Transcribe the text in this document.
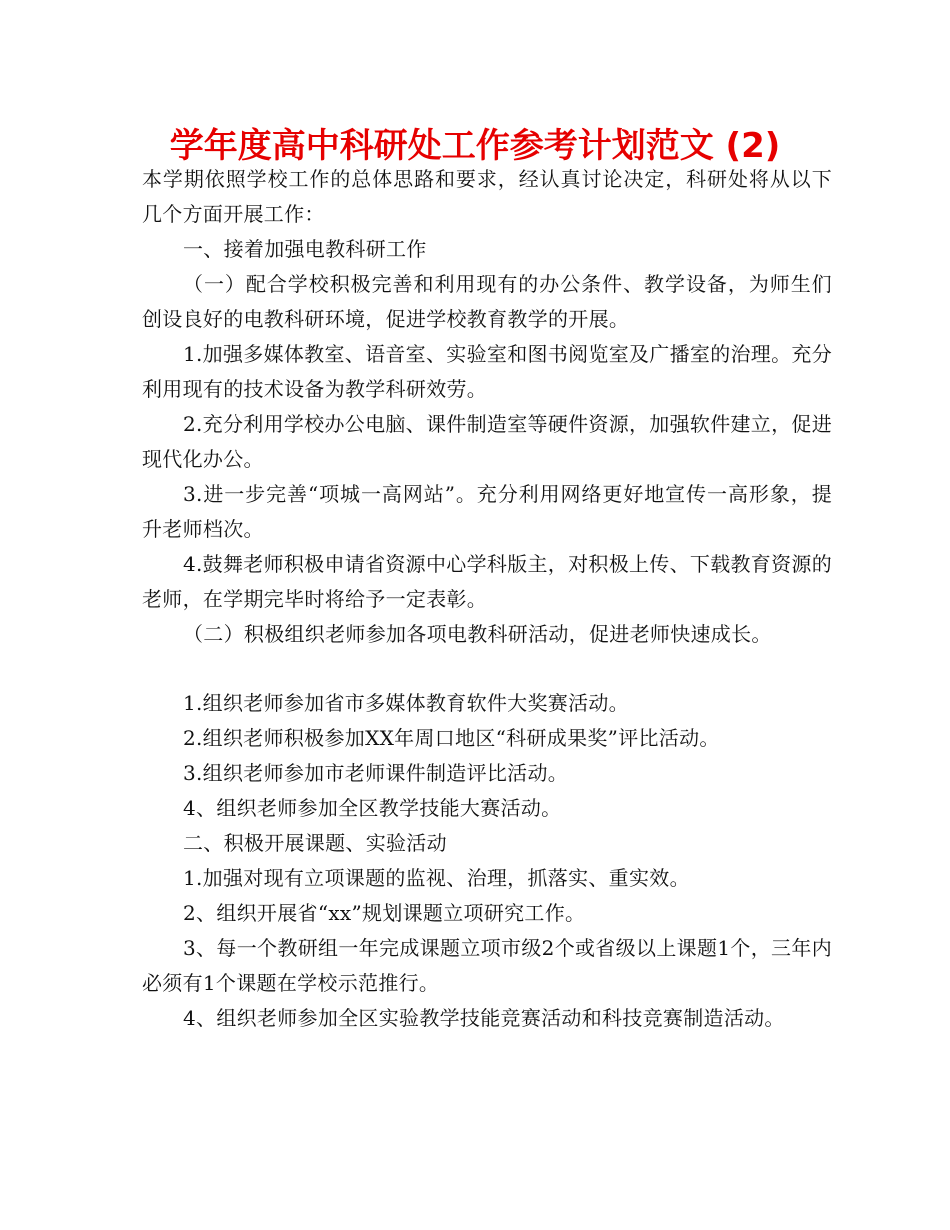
学年度高中科研处工作参考计划范文 (2)

本学期依照学校工作的总体思路和要求，经认真讨论决定，科研处将从以下几个方面开展工作：

一、接着加强电教科研工作

（一）配合学校积极完善和利用现有的办公条件、教学设备，为师生们创设良好的电教科研环境，促进学校教育教学的开展。

1.加强多媒体教室、语音室、实验室和图书阅览室及广播室的治理。充分利用现有的技术设备为教学科研效劳。

2.充分利用学校办公电脑、课件制造室等硬件资源，加强软件建立，促进现代化办公。

3.进一步完善“项城一高网站”。充分利用网络更好地宣传一高形象，提升老师档次。

4.鼓舞老师积极申请省资源中心学科版主，对积极上传、下载教育资源的老师，在学期完毕时将给予一定表彰。

（二）积极组织老师参加各项电教科研活动，促进老师快速成长。

1.组织老师参加省市多媒体教育软件大奖赛活动。

2.组织老师积极参加XX年周口地区“科研成果奖”评比活动。

3.组织老师参加市老师课件制造评比活动。

4、组织老师参加全区教学技能大赛活动。

二、积极开展课题、实验活动

1.加强对现有立项课题的监视、治理，抓落实、重实效。

2、组织开展省“xx”规划课题立项研究工作。

3、每一个教研组一年完成课题立项市级2个或省级以上课题1个，三年内必须有1个课题在学校示范推行。

4、组织老师参加全区实验教学技能竞赛活动和科技竞赛制造活动。
